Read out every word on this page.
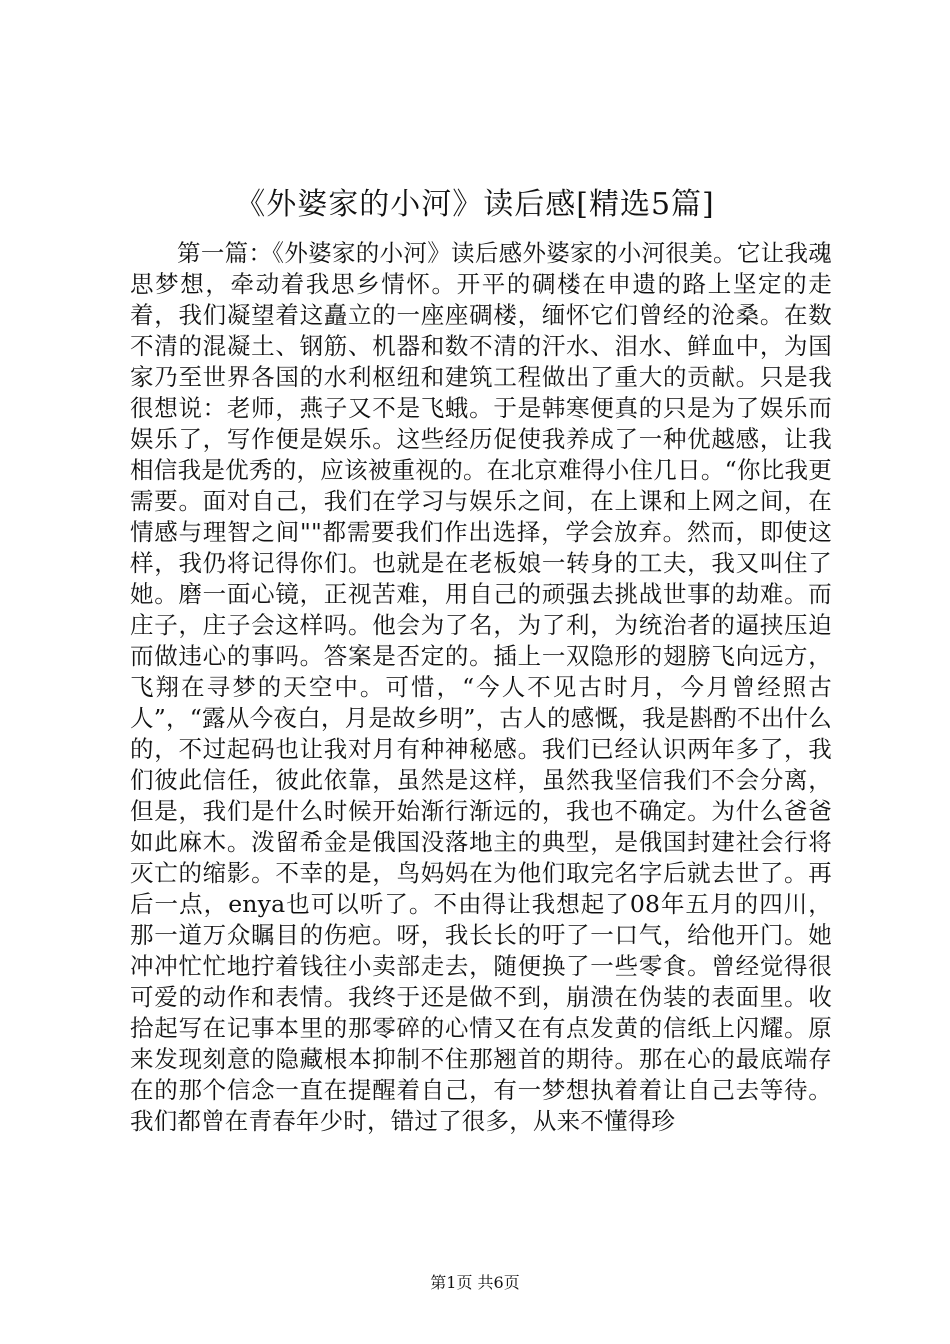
《外婆家的小河》读后感[精选5篇]

第一篇：《外婆家的小河》读后感外婆家的小河很美。它让我魂思梦想，牵动着我思乡情怀。开平的碉楼在申遗的路上坚定的走着，我们凝望着这矗立的一座座碉楼，缅怀它们曾经的沧桑。在数不清的混凝土、钢筋、机器和数不清的汗水、泪水、鲜血中，为国家乃至世界各国的水利枢纽和建筑工程做出了重大的贡献。只是我很想说：老师，燕子又不是飞蛾。于是韩寒便真的只是为了娱乐而娱乐了，写作便是娱乐。这些经历促使我养成了一种优越感，让我相信我是优秀的，应该被重视的。在北京难得小住几日。“你比我更需要。面对自己，我们在学习与娱乐之间，在上课和上网之间，在情感与理智之间""都需要我们作出选择，学会放弃。然而，即使这样，我仍将记得你们。也就是在老板娘一转身的工夫，我又叫住了她。磨一面心镜，正视苦难，用自己的顽强去挑战世事的劫难。而庄子，庄子会这样吗。他会为了名，为了利，为统治者的逼挟压迫而做违心的事吗。答案是否定的。插上一双隐形的翅膀飞向远方，飞翔在寻梦的天空中。可惜，“今人不见古时月，今月曾经照古人”，“露从今夜白，月是故乡明”，古人的感慨，我是斟酌不出什么的，不过起码也让我对月有种神秘感。我们已经认识两年多了，我们彼此信任，彼此依靠，虽然是这样，虽然我坚信我们不会分离，但是，我们是什么时候开始渐行渐远的，我也不确定。为什么爸爸如此麻木。泼留希金是俄国没落地主的典型，是俄国封建社会行将灭亡的缩影。不幸的是，鸟妈妈在为他们取完名字后就去世了。再后一点，enya也可以听了。不由得让我想起了08年五月的四川，那一道万众瞩目的伤疤。呀，我长长的吁了一口气，给他开门。她冲冲忙忙地拧着钱往小卖部走去，随便换了一些零食。曾经觉得很可爱的动作和表情。我终于还是做不到，崩溃在伪装的表面里。收拾起写在记事本里的那零碎的心情又在有点发黄的信纸上闪耀。原来发现刻意的隐藏根本抑制不住那翘首的期待。那在心的最底端存在的那个信念一直在提醒着自己，有一梦想执着着让自己去等待。我们都曾在青春年少时，错过了很多，从来不懂得珍

第1页 共6页
